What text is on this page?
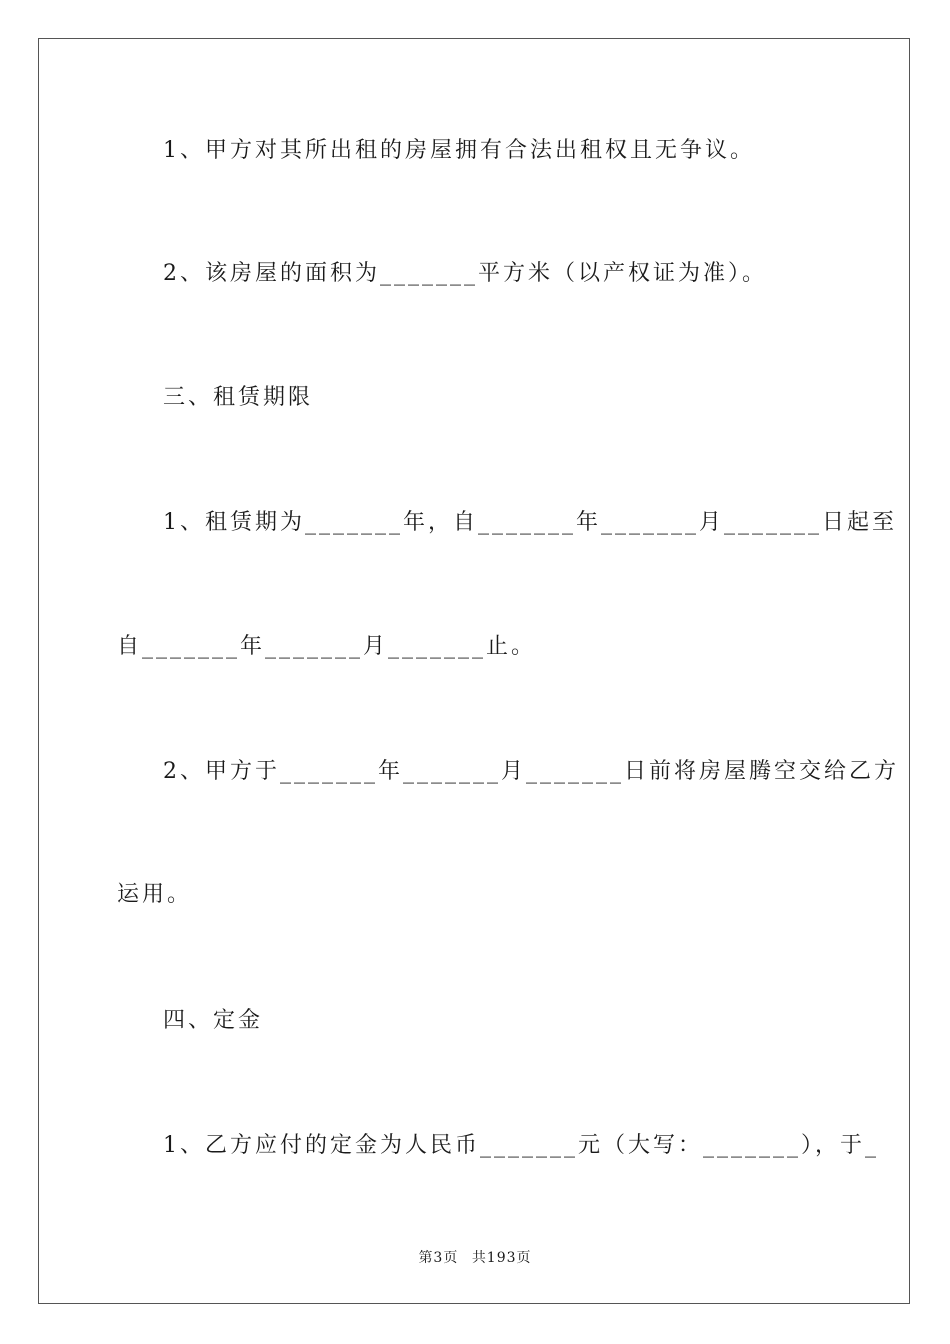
1、甲方对其所出租的房屋拥有合法出租权且无争议。
2、该房屋的面积为_______平方米（以产权证为准）。
三、租赁期限
1、租赁期为_______年，自_______年_______月_______日起至
自_______年_______月_______止。
2、甲方于_______年_______月_______日前将房屋腾空交给乙方
运用。
四、定金
1、乙方应付的定金为人民币_______元（大写：_______），于_
第3页 共193页
